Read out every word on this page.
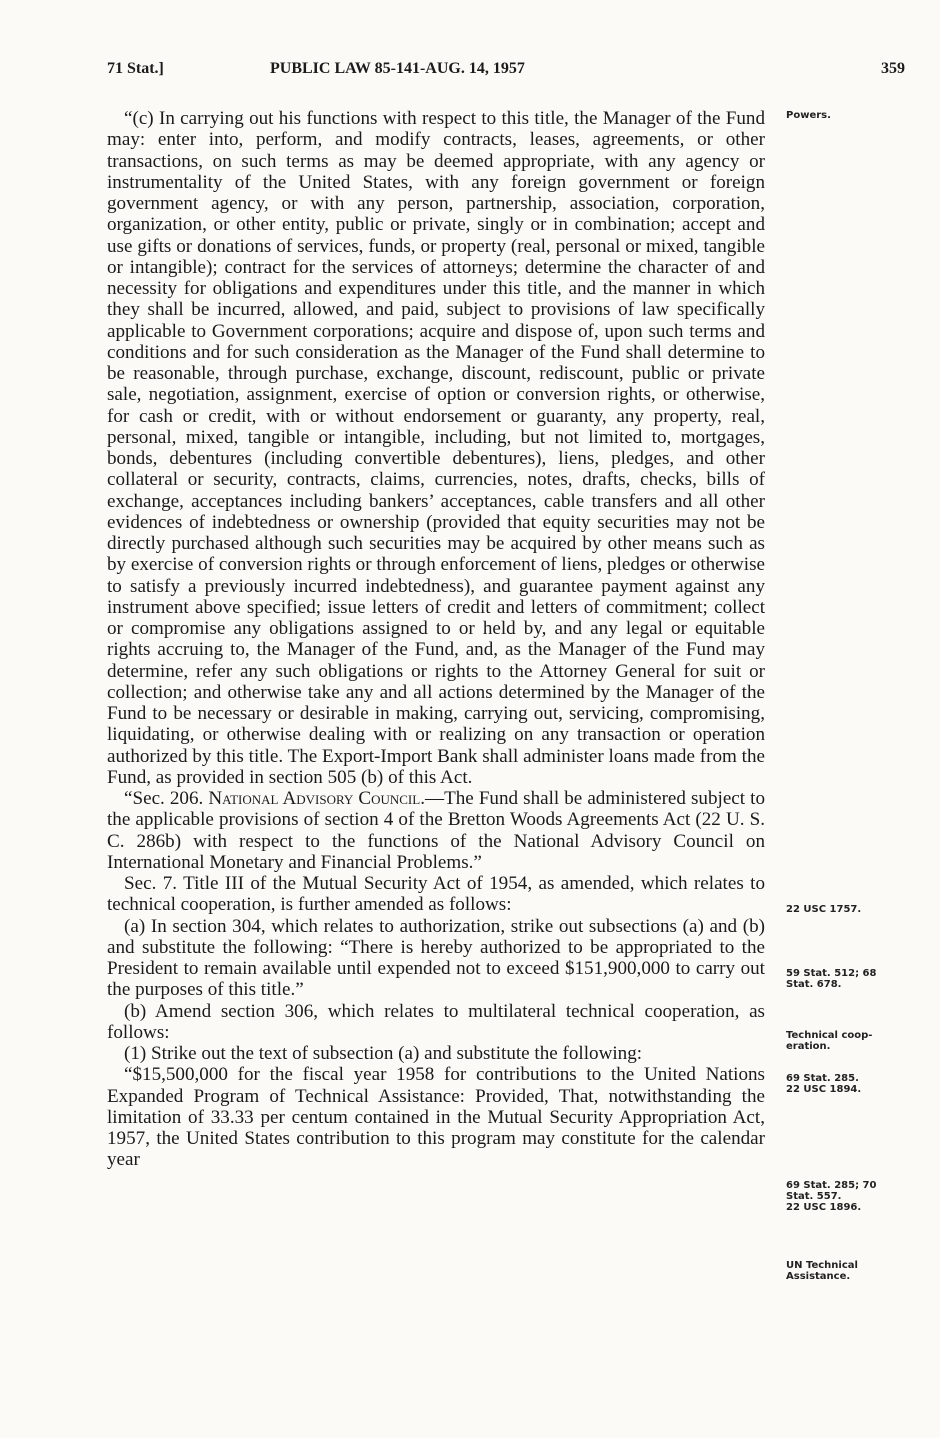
71 Stat.]	PUBLIC LAW 85-141-AUG. 14, 1957	359

“(c) In carrying out his functions with respect to this title, the Manager of the Fund may: enter into, perform, and modify contracts, leases, agreements, or other transactions, on such terms as may be deemed appropriate, with any agency or instrumentality of the United States, with any foreign government or foreign government agency, or with any person, partnership, association, corporation, organization, or other entity, public or private, singly or in combination; accept and use gifts or donations of services, funds, or property (real, personal or mixed, tangible or intangible); contract for the services of attorneys; determine the character of and necessity for obligations and expenditures under this title, and the manner in which they shall be incurred, allowed, and paid, subject to provisions of law specifically applicable to Government corporations; acquire and dispose of, upon such terms and conditions and for such consideration as the Manager of the Fund shall determine to be reasonable, through purchase, exchange, discount, rediscount, public or private sale, negotiation, assignment, exercise of option or conversion rights, or otherwise, for cash or credit, with or without endorsement or guaranty, any property, real, personal, mixed, tangible or intangible, including, but not limited to, mortgages, bonds, debentures (including convertible debentures), liens, pledges, and other collateral or security, contracts, claims, currencies, notes, drafts, checks, bills of exchange, acceptances including bankers’ acceptances, cable transfers and all other evidences of indebtedness or ownership (provided that equity securities may not be directly purchased although such securities may be acquired by other means such as by exercise of conversion rights or through enforcement of liens, pledges or otherwise to satisfy a previously incurred indebtedness), and guarantee payment against any instrument above specified; issue letters of credit and letters of commitment; collect or compromise any obligations assigned to or held by, and any legal or equitable rights accruing to, the Manager of the Fund, and, as the Manager of the Fund may determine, refer any such obligations or rights to the Attorney General for suit or collection; and otherwise take any and all actions determined by the Manager of the Fund to be necessary or desirable in making, carrying out, servicing, compromising, liquidating, or otherwise dealing with or realizing on any transaction or operation authorized by this title. The Export-Import Bank shall administer loans made from the Fund, as provided in section 505 (b) of this Act.

“Sec. 206. National Advisory Council.—The Fund shall be administered subject to the applicable provisions of section 4 of the Bretton Woods Agreements Act (22 U. S. C. 286b) with respect to the functions of the National Advisory Council on International Monetary and Financial Problems.”

Sec. 7. Title III of the Mutual Security Act of 1954, as amended, which relates to technical cooperation, is further amended as follows:

(a) In section 304, which relates to authorization, strike out subsections (a) and (b) and substitute the following: “There is hereby authorized to be appropriated to the President to remain available until expended not to exceed $151,900,000 to carry out the purposes of this title.”

(b) Amend section 306, which relates to multilateral technical cooperation, as follows:

(1) Strike out the text of subsection (a) and substitute the following:

“$15,500,000 for the fiscal year 1958 for contributions to the United Nations Expanded Program of Technical Assistance: Provided, That, notwithstanding the limitation of 33.33 per centum contained in the Mutual Security Appropriation Act, 1957, the United States contribution to this program may constitute for the calendar year

Powers.
22 USC 1757.
59 Stat. 512; 68
Stat. 678.
Technical coop-
eration.
69 Stat. 285.
22 USC 1894.
69 Stat. 285; 70
Stat. 557.
22 USC 1896.
UN Technical
Assistance.
